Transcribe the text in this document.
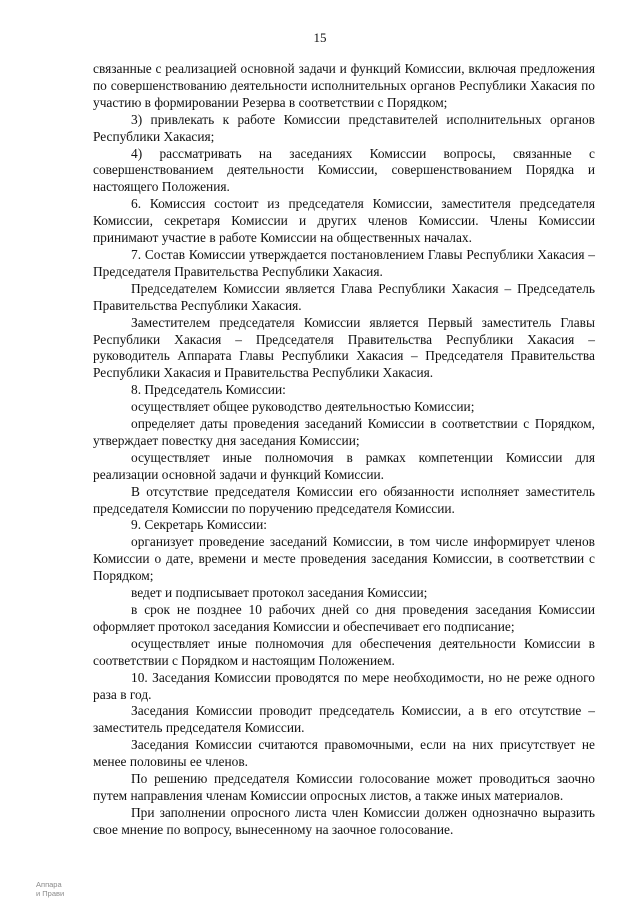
15

связанные с реализацией основной задачи и функций Комиссии, включая предложения по совершенствованию деятельности исполнительных органов Республики Хакасия по участию в формировании Резерва в соответствии с Порядком;

3) привлекать к работе Комиссии представителей исполнительных органов Республики Хакасия;

4) рассматривать на заседаниях Комиссии вопросы, связанные с совершенствованием деятельности Комиссии, совершенствованием Порядка и настоящего Положения.

6. Комиссия состоит из председателя Комиссии, заместителя председателя Комиссии, секретаря Комиссии и других членов Комиссии. Члены Комиссии принимают участие в работе Комиссии на общественных началах.

7. Состав Комиссии утверждается постановлением Главы Республики Хакасия – Председателя Правительства Республики Хакасия.

Председателем Комиссии является Глава Республики Хакасия – Председатель Правительства Республики Хакасия.

Заместителем председателя Комиссии является Первый заместитель Главы Республики Хакасия – Председателя Правительства Республики Хакасия – руководитель Аппарата Главы Республики Хакасия – Председателя Правительства Республики Хакасия и Правительства Республики Хакасия.

8. Председатель Комиссии:

осуществляет общее руководство деятельностью Комиссии;

определяет даты проведения заседаний Комиссии в соответствии с Порядком, утверждает повестку дня заседания Комиссии;

осуществляет иные полномочия в рамках компетенции Комиссии для реализации основной задачи и функций Комиссии.

В отсутствие председателя Комиссии его обязанности исполняет заместитель председателя Комиссии по поручению председателя Комиссии.

9. Секретарь Комиссии:

организует проведение заседаний Комиссии, в том числе информирует членов Комиссии о дате, времени и месте проведения заседания Комиссии, в соответствии с Порядком;

ведет и подписывает протокол заседания Комиссии;

в срок не позднее 10 рабочих дней со дня проведения заседания Комиссии оформляет протокол заседания Комиссии и обеспечивает его подписание;

осуществляет иные полномочия для обеспечения деятельности Комиссии в соответствии с Порядком и настоящим Положением.

10. Заседания Комиссии проводятся по мере необходимости, но не реже одного раза в год.

Заседания Комиссии проводит председатель Комиссии, а в его отсутствие – заместитель председателя Комиссии.

Заседания Комиссии считаются правомочными, если на них присутствует не менее половины ее членов.

По решению председателя Комиссии голосование может проводиться заочно путем направления членам Комиссии опросных листов, а также иных материалов.

При заполнении опросного листа член Комиссии должен однозначно выразить свое мнение по вопросу, вынесенному на заочное голосование.

Аппара
и Прави
